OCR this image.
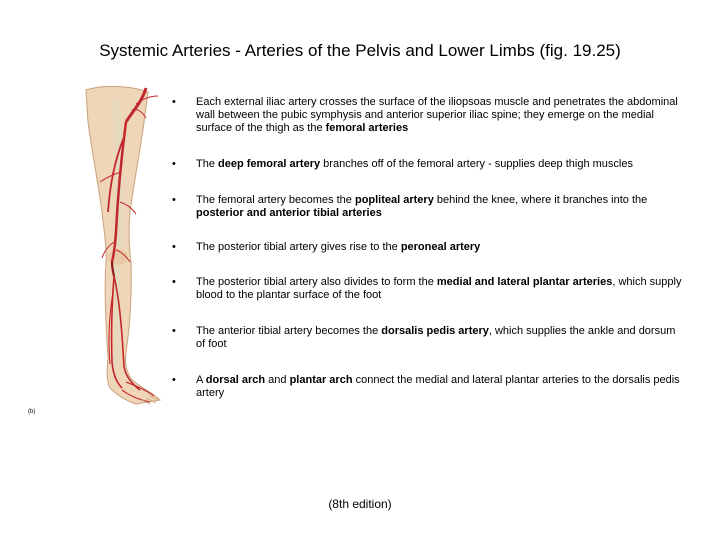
Systemic Arteries - Arteries of the Pelvis and Lower Limbs (fig. 19.25)
(b)
• Each external iliac artery crosses the surface of the iliopsoas muscle and penetrates the abdominal wall between the pubic symphysis and anterior superior iliac spine; they emerge on the medial surface of the thigh as the femoral arteries
• The deep femoral artery branches off of the femoral artery - supplies deep thigh muscles
• The femoral artery becomes the popliteal artery behind the knee, where it branches into the posterior and anterior tibial arteries
• The posterior tibial artery gives rise to the peroneal artery
• The posterior tibial artery also divides to form the medial and lateral plantar arteries, which supply blood to the plantar surface of the foot
• The anterior tibial artery becomes the dorsalis pedis artery, which supplies the ankle and dorsum of foot
• A dorsal arch and plantar arch connect the medial and lateral plantar arteries to the dorsalis pedis artery
(8th edition)
